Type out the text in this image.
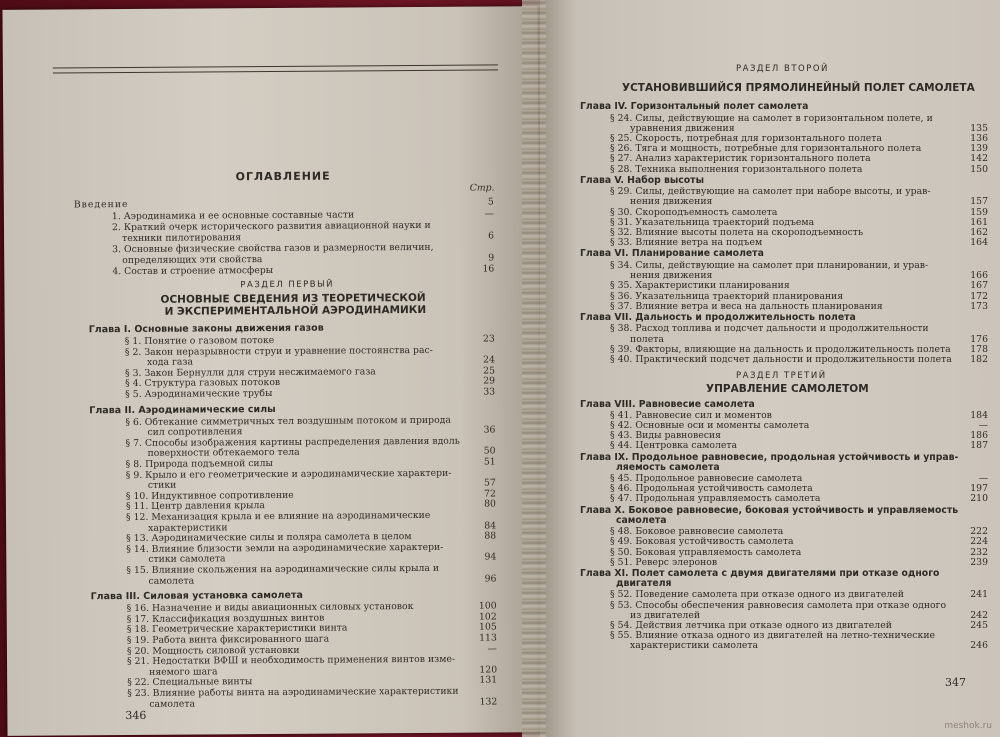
ОГЛАВЛЕНИЕ
Стр.
Введение	5
1. Аэродинамика и ее основные составные части	—
2. Краткий очерк исторического развития авиационной науки и
техники пилотирования	6
3. Основные физические свойства газов и размерности величин,
определяющих эти свойства	9
4. Состав и строение атмосферы	16
РАЗДЕЛ ПЕРВЫЙ
ОСНОВНЫЕ СВЕДЕНИЯ ИЗ ТЕОРЕТИЧЕСКОЙ
И ЭКСПЕРИМЕНТАЛЬНОЙ АЭРОДИНАМИКИ
Глава I. Основные законы движения газов
§ 1. Понятие о газовом потоке	23
§ 2. Закон неразрывности струи и уравнение постоянства рас-
хода газа	24
§ 3. Закон Бернулли для струи несжимаемого газа	25
§ 4. Структура газовых потоков	29
§ 5. Аэродинамические трубы	33
Глава II. Аэродинамические силы
§ 6. Обтекание симметричных тел воздушным потоком и природа
сил сопротивления	36
§ 7. Способы изображения картины распределения давления вдоль
поверхности обтекаемого тела	50
§ 8. Природа подъемной силы	51
§ 9. Крыло и его геометрические и аэродинамические характери-
стики	57
§ 10. Индуктивное сопротивление	72
§ 11. Центр давления крыла	80
§ 12. Механизация крыла и ее влияние на аэродинамические
характеристики	84
§ 13. Аэродинамические силы и поляра самолета в целом	88
§ 14. Влияние близости земли на аэродинамические характери-
стики самолета	94
§ 15. Влияние скольжения на аэродинамические силы крыла и
самолета	96
Глава III. Силовая установка самолета
§ 16. Назначение и виды авиационных силовых установок	100
§ 17. Классификация воздушных винтов	102
§ 18. Геометрические характеристики винта	105
§ 19. Работа винта фиксированного шага	113
§ 20. Мощность силовой установки	—
§ 21. Недостатки ВФШ и необходимость применения винтов изме-
няемого шага	120
§ 22. Специальные винты	131
§ 23. Влияние работы винта на аэродинамические характеристики
самолета	132
346
РАЗДЕЛ ВТОРОЙ
УСТАНОВИВШИЙСЯ ПРЯМОЛИНЕЙНЫЙ ПОЛЕТ САМОЛЕТА
Глава IV. Горизонтальный полет самолета
§ 24. Силы, действующие на самолет в горизонтальном полете, и
уравнения движения	135
§ 25. Скорость, потребная для горизонтального полета	136
§ 26. Тяга и мощность, потребные для горизонтального полета	139
§ 27. Анализ характеристик горизонтального полета	142
§ 28. Техника выполнения горизонтального полета	150
Глава V. Набор высоты
§ 29. Силы, действующие на самолет при наборе высоты, и урав-
нения движения	157
§ 30. Скороподъемность самолета	159
§ 31. Указательница траекторий подъема	161
§ 32. Влияние высоты полета на скороподъемность	162
§ 33. Влияние ветра на подъем	164
Глава VI. Планирование самолета
§ 34. Силы, действующие на самолет при планировании, и урав-
нения движения	166
§ 35. Характеристики планирования	167
§ 36. Указательница траекторий планирования	172
§ 37. Влияние ветра и веса на дальность планирования	173
Глава VII. Дальность и продолжительность полета
§ 38. Расход топлива и подсчет дальности и продолжительности
полета	176
§ 39. Факторы, влияющие на дальность и продолжительность полета	178
§ 40. Практический подсчет дальности и продолжительности полета	182
РАЗДЕЛ ТРЕТИЙ
УПРАВЛЕНИЕ САМОЛЕТОМ
Глава VIII. Равновесие самолета
§ 41. Равновесие сил и моментов	184
§ 42. Основные оси и моменты самолета	—
§ 43. Виды равновесия	186
§ 44. Центровка самолета	187
Глава IX. Продольное равновесие, продольная устойчивость и управ-
ляемость самолета
§ 45. Продольное равновесие самолета	—
§ 46. Продольная устойчивость самолета	197
§ 47. Продольная управляемость самолета	210
Глава X. Боковое равновесие, боковая устойчивость и управляемость
самолета
§ 48. Боковое равновесие самолета	222
§ 49. Боковая устойчивость самолета	224
§ 50. Боковая управляемость самолета	232
§ 51. Реверс элеронов	239
Глава XI. Полет самолета с двумя двигателями при отказе одного
двигателя
§ 52. Поведение самолета при отказе одного из двигателей	241
§ 53. Способы обеспечения равновесия самолета при отказе одного
из двигателей	242
§ 54. Действия летчика при отказе одного из двигателей	245
§ 55. Влияние отказа одного из двигателей на летно-технические
характеристики самолета	246
347
meshok.ru
